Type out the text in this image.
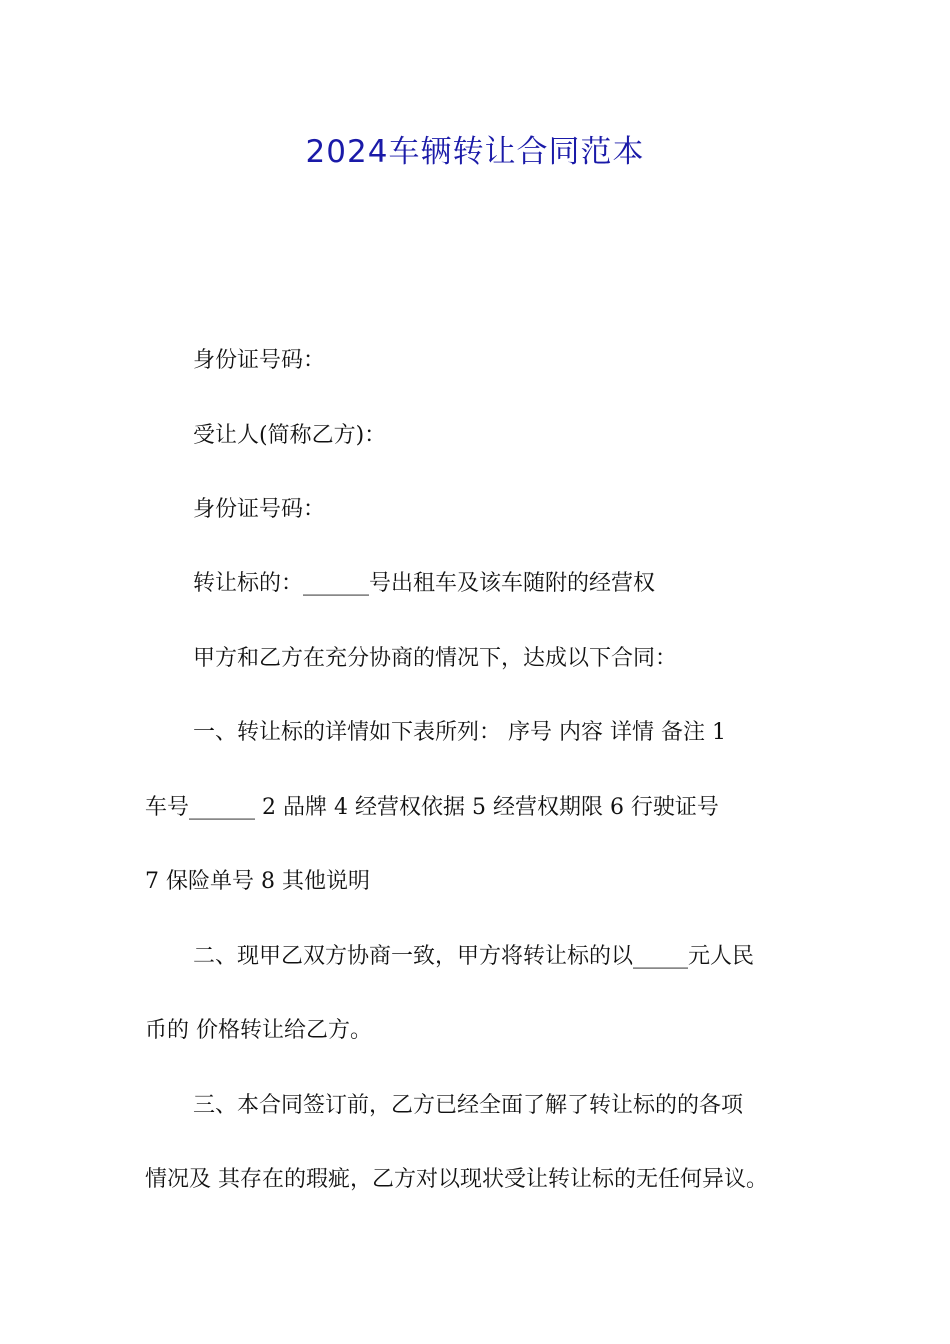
2024车辆转让合同范本

身份证号码：

受让人(简称乙方)：

身份证号码：

转让标的：______号出租车及该车随附的经营权

甲方和乙方在充分协商的情况下，达成以下合同：

一、转让标的详情如下表所列： 序号 内容 详情 备注 1

车号______ 2 品牌 4 经营权依据 5 经营权期限 6 行驶证号

7 保险单号 8 其他说明

二、现甲乙双方协商一致，甲方将转让标的以_____元人民

币的 价格转让给乙方。

三、本合同签订前，乙方已经全面了解了转让标的的各项

情况及 其存在的瑕疵，乙方对以现状受让转让标的无任何异议。
